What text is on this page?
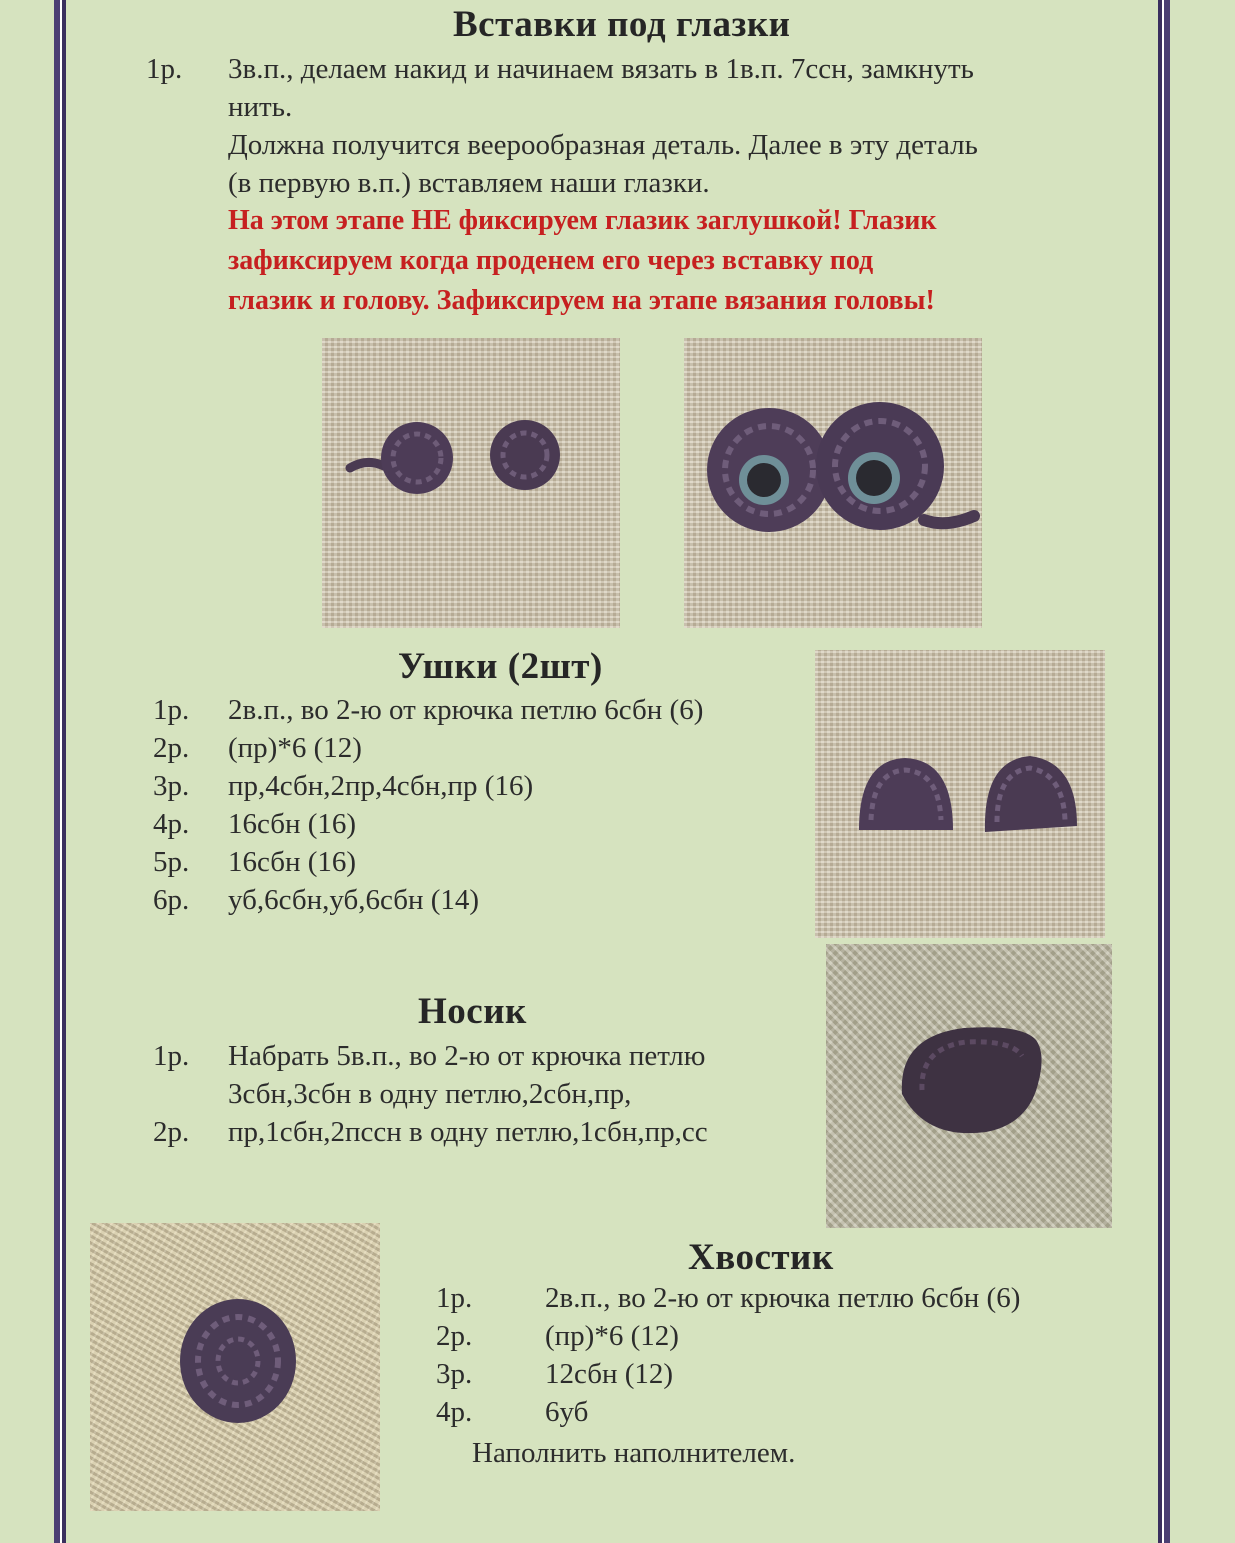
Вставки под глазки
1р. 3в.п., делаем накид и начинаем вязать в 1в.п. 7ссн, замкнуть
нить.
Должна получится веерообразная деталь. Далее в эту деталь
(в первую в.п.) вставляем наши глазки.
На этом этапе НЕ фиксируем глазик заглушкой! Глазик
зафиксируем когда проденем его через вставку под
глазик и голову. Зафиксируем на этапе вязания головы!
Ушки (2шт)
1р. 2в.п., во 2-ю от крючка петлю 6сбн (6)
2р. (пр)*6 (12)
3р. пр,4сбн,2пр,4сбн,пр (16)
4р. 16сбн (16)
5р. 16сбн (16)
6р. уб,6сбн,уб,6сбн (14)
Носик
1р. Набрать 5в.п., во 2-ю от крючка петлю
3сбн,3сбн в одну петлю,2сбн,пр,
2р. пр,1сбн,2пссн в одну петлю,1сбн,пр,сс
Хвостик
1р.	2в.п., во 2-ю от крючка петлю 6сбн (6)
2р.	(пр)*6 (12)
3р.	12сбн (12)
4р.	6уб
Наполнить наполнителем.
